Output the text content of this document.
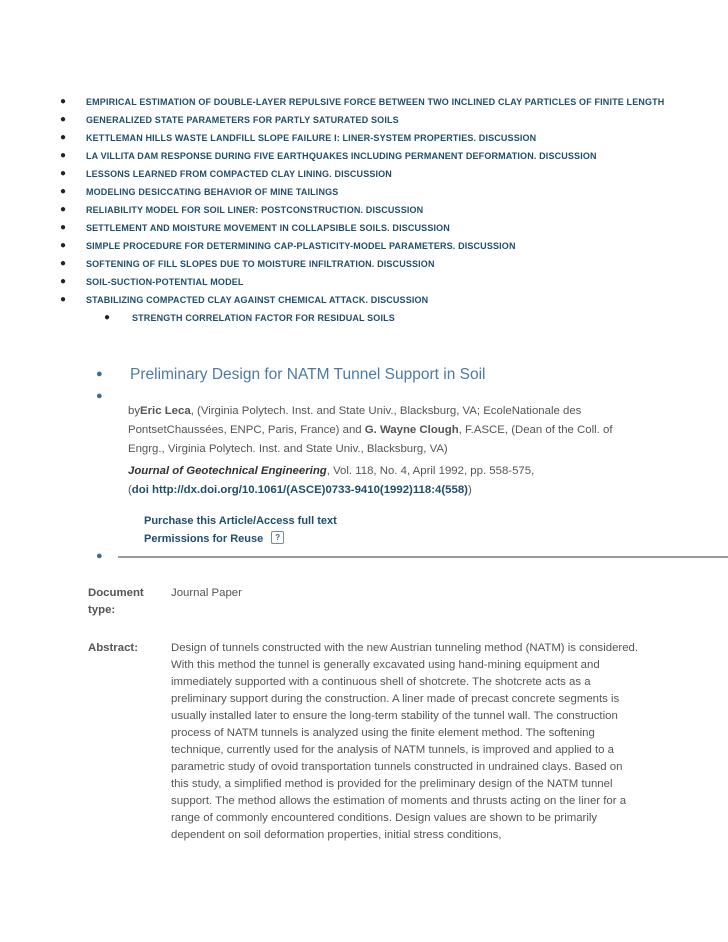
● EMPIRICAL ESTIMATION OF DOUBLE-LAYER REPULSIVE FORCE BETWEEN TWO INCLINED CLAY PARTICLES OF FINITE LENGTH
● GENERALIZED STATE PARAMETERS FOR PARTLY SATURATED SOILS
● KETTLEMAN HILLS WASTE LANDFILL SLOPE FAILURE I: LINER-SYSTEM PROPERTIES. DISCUSSION
● LA VILLITA DAM RESPONSE DURING FIVE EARTHQUAKES INCLUDING PERMANENT DEFORMATION. DISCUSSION
● LESSONS LEARNED FROM COMPACTED CLAY LINING. DISCUSSION
● MODELING DESICCATING BEHAVIOR OF MINE TAILINGS
● RELIABILITY MODEL FOR SOIL LINER: POSTCONSTRUCTION. DISCUSSION
● SETTLEMENT AND MOISTURE MOVEMENT IN COLLAPSIBLE SOILS. DISCUSSION
● SIMPLE PROCEDURE FOR DETERMINING CAP-PLASTICITY-MODEL PARAMETERS. DISCUSSION
● SOFTENING OF FILL SLOPES DUE TO MOISTURE INFILTRATION. DISCUSSION
● SOIL-SUCTION-POTENTIAL MODEL
● STABILIZING COMPACTED CLAY AGAINST CHEMICAL ATTACK. DISCUSSION
● STRENGTH CORRELATION FACTOR FOR RESIDUAL SOILS
● Preliminary Design for NATM Tunnel Support in Soil
●
byEric Leca, (Virginia Polytech. Inst. and State Univ., Blacksburg, VA; EcoleNationale des PontsetChaussées, ENPC, Paris, France) and G. Wayne Clough, F.ASCE, (Dean of the Coll. of Engrg., Virginia Polytech. Inst. and State Univ., Blacksburg, VA)
Journal of Geotechnical Engineering, Vol. 118, No. 4, April 1992, pp. 558-575,
(doi http://dx.doi.org/10.1061/(ASCE)0733-9410(1992)118:4(558))
Purchase this Article/Access full text
Permissions for Reuse ?
●
Document type:
Journal Paper
Abstract:	Design of tunnels constructed with the new Austrian tunneling method (NATM) is considered. With this method the tunnel is generally excavated using hand-mining equipment and immediately supported with a continuous shell of shotcrete. The shotcrete acts as a preliminary support during the construction. A liner made of precast concrete segments is usually installed later to ensure the long-term stability of the tunnel wall. The construction process of NATM tunnels is analyzed using the finite element method. The softening technique, currently used for the analysis of NATM tunnels, is improved and applied to a parametric study of ovoid transportation tunnels constructed in undrained clays. Based on this study, a simplified method is provided for the preliminary design of the NATM tunnel support. The method allows the estimation of moments and thrusts acting on the liner for a range of commonly encountered conditions. Design values are shown to be primarily dependent on soil deformation properties, initial stress conditions,
